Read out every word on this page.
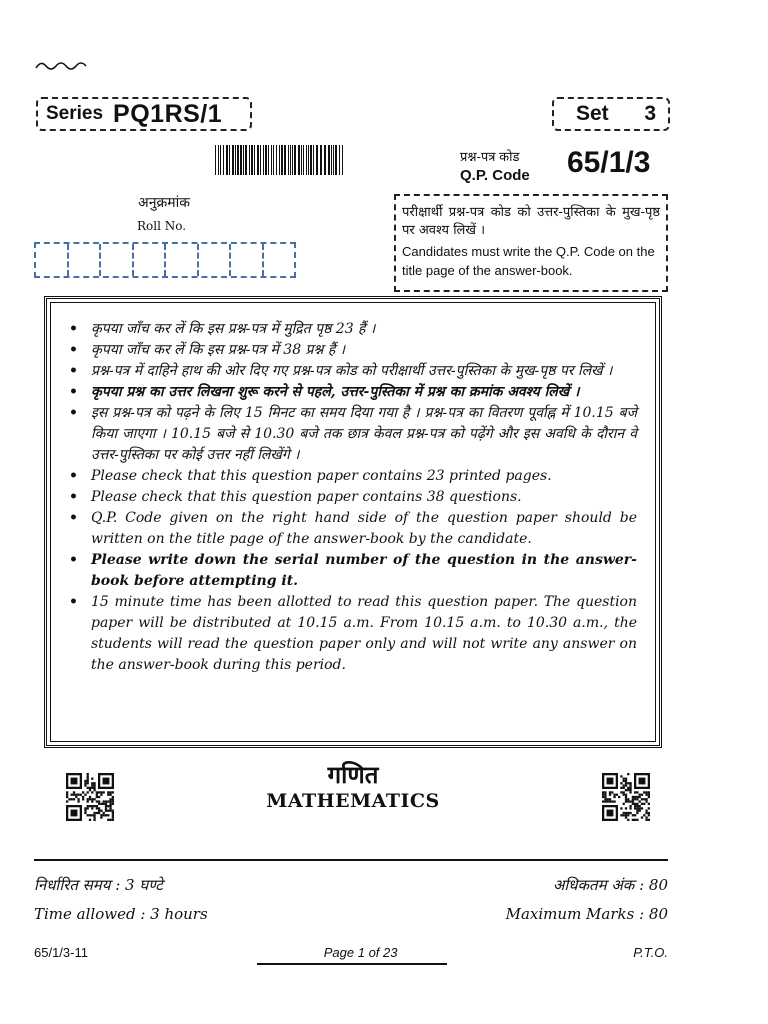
Series PQ1RS/1	Set 3
प्रश्न-पत्र कोड
Q.P. Code 65/1/3
अनुक्रमांक
Roll No.
परीक्षार्थी प्रश्न-पत्र कोड को उत्तर-पुस्तिका के मुख-पृष्ठ पर अवश्य लिखें ।
Candidates must write the Q.P. Code on the title page of the answer-book.
• कृपया जाँच कर लें कि इस प्रश्न-पत्र में मुद्रित पृष्ठ 23 हैं ।
• कृपया जाँच कर लें कि इस प्रश्न-पत्र में 38 प्रश्न हैं ।
• प्रश्न-पत्र में दाहिने हाथ की ओर दिए गए प्रश्न-पत्र कोड को परीक्षार्थी उत्तर-पुस्तिका के मुख-पृष्ठ पर लिखें ।
• कृपया प्रश्न का उत्तर लिखना शुरू करने से पहले, उत्तर-पुस्तिका में प्रश्न का क्रमांक अवश्य लिखें ।
• इस प्रश्न-पत्र को पढ़ने के लिए 15 मिनट का समय दिया गया है । प्रश्न-पत्र का वितरण पूर्वाह्न में 10.15 बजे किया जाएगा । 10.15 बजे से 10.30 बजे तक छात्र केवल प्रश्न-पत्र को पढ़ेंगे और इस अवधि के दौरान वे उत्तर-पुस्तिका पर कोई उत्तर नहीं लिखेंगे ।
• Please check that this question paper contains 23 printed pages.
• Please check that this question paper contains 38 questions.
• Q.P. Code given on the right hand side of the question paper should be written on the title page of the answer-book by the candidate.
• Please write down the serial number of the question in the answer-book before attempting it.
• 15 minute time has been allotted to read this question paper. The question paper will be distributed at 10.15 a.m. From 10.15 a.m. to 10.30 a.m., the students will read the question paper only and will not write any answer on the answer-book during this period.
गणित
MATHEMATICS
निर्धारित समय : 3 घण्टे	अधिकतम अंक : 80
Time allowed : 3 hours	Maximum Marks : 80
65/1/3-11	Page 1 of 23	P.T.O.
